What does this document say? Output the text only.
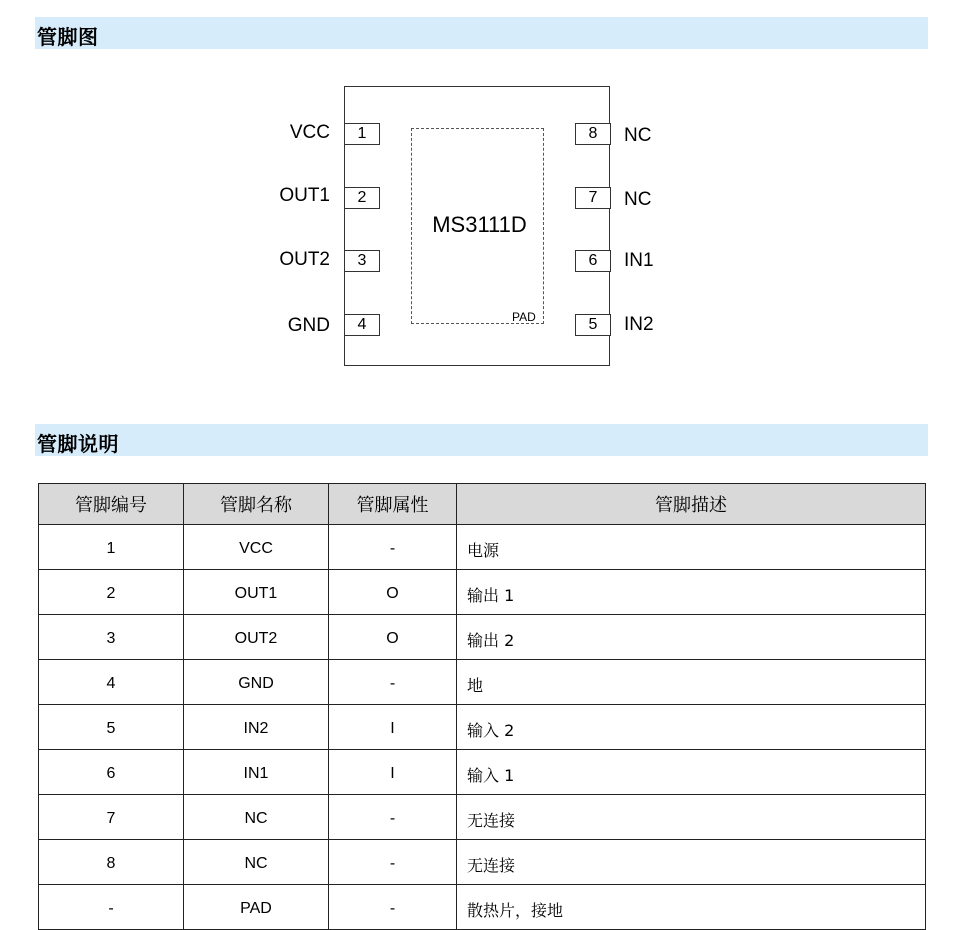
管脚图
MS3111D
PAD
1
VCC
2
OUT1
3
OUT2
4
GND
8	NC
7	NC
6	IN1
5	IN2
管脚说明
管脚编号	管脚名称	管脚属性	管脚描述
1	VCC	-	电源
2	OUT1	O	输出 1
3	OUT2	O	输出 2
4	GND	-	地
5	IN2	I	输入 2
6	IN1	I	输入 1
7	NC	-	无连接
8	NC	-	无连接
-	PAD	-	散热片，接地
